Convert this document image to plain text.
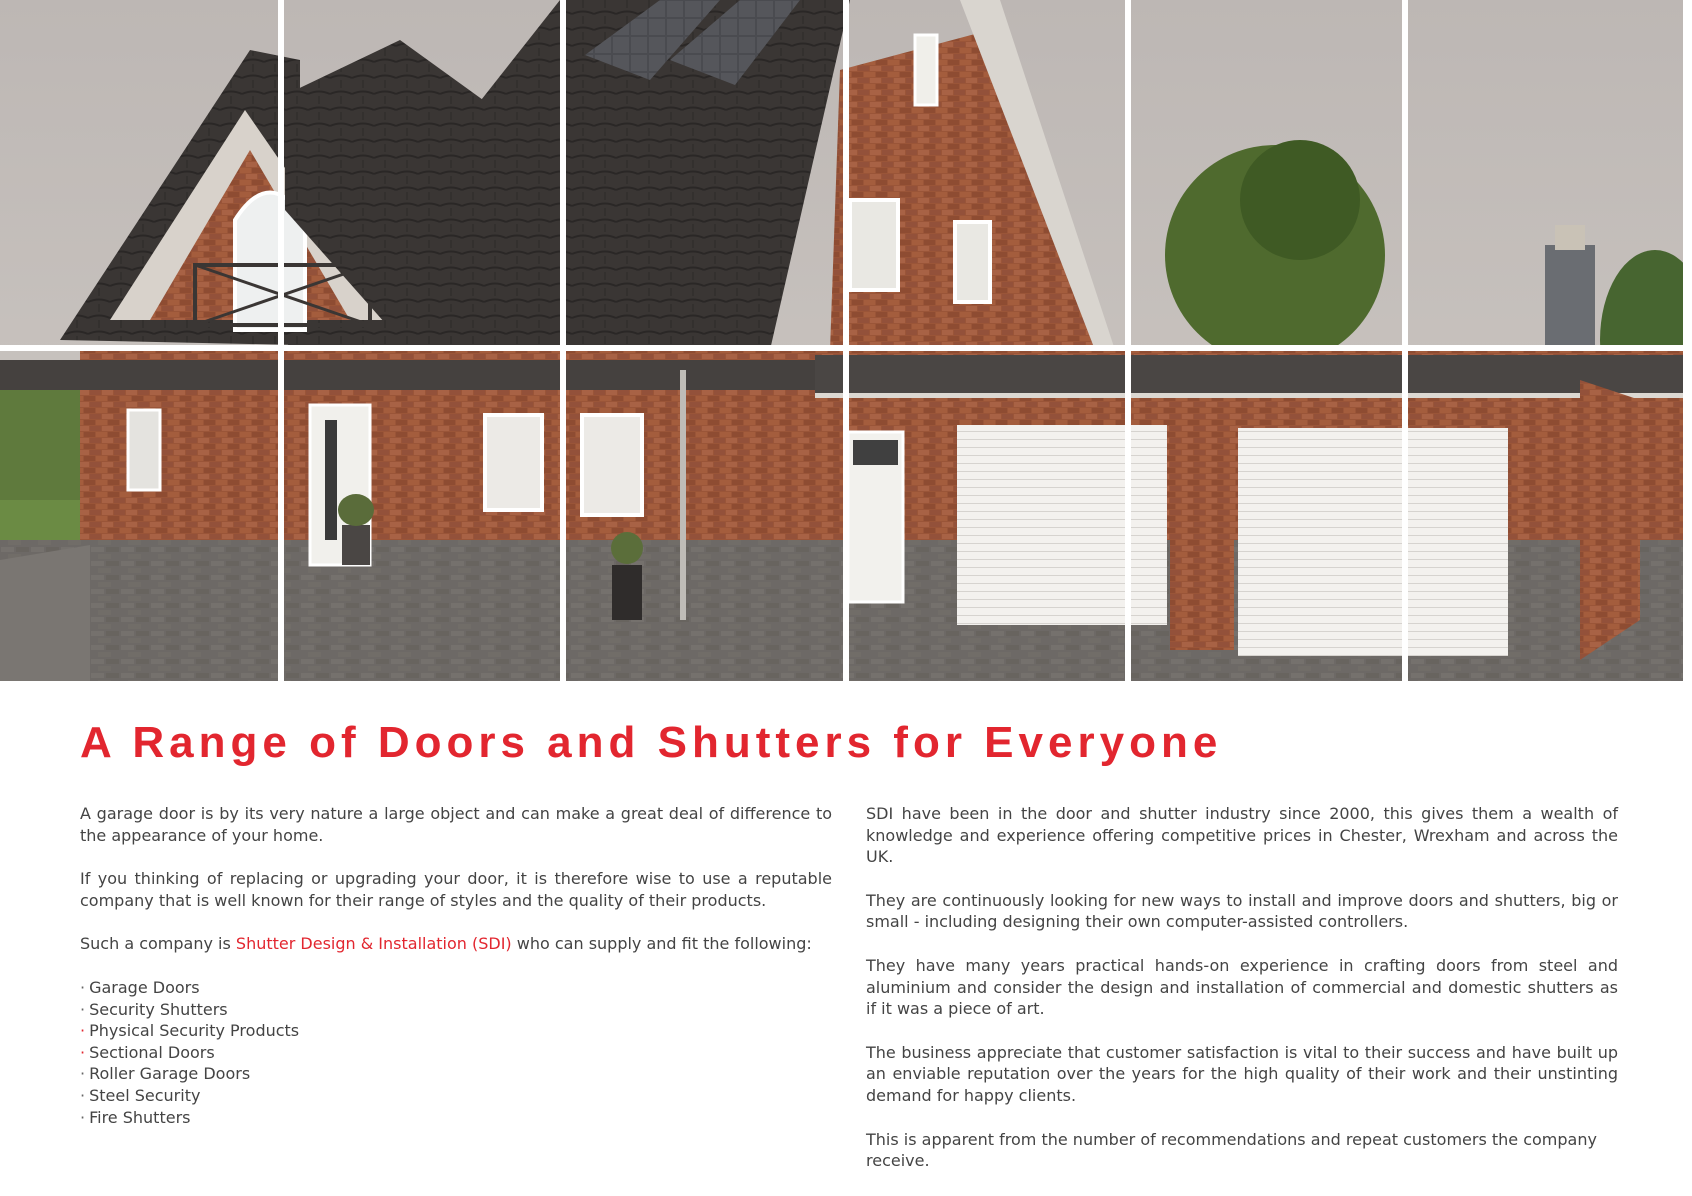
A Range of Doors and Shutters for Everyone

A garage door is by its very nature a large object and can make a great deal of difference to the appearance of your home.

If you thinking of replacing or upgrading your door, it is therefore wise to use a reputable company that is well known for their range of styles and the quality of their products.

Such a company is Shutter Design & Installation (SDI) who can supply and fit the following:

· Garage Doors
· Security Shutters
· Physical Security Products
· Sectional Doors
· Roller Garage Doors
· Steel Security
· Fire Shutters

SDI have been in the door and shutter industry since 2000, this gives them a wealth of knowledge and experience offering competitive prices in Chester, Wrexham and across the UK.

They are continuously looking for new ways to install and improve doors and shutters, big or small - including designing their own computer-assisted controllers.

They have many years practical hands-on experience in crafting doors from steel and aluminium and consider the design and installation of commercial and domestic shutters as if it was a piece of art.

The business appreciate that customer satisfaction is vital to their success and have built up an enviable reputation over the years for the high quality of their work and their unstinting demand for happy clients.

This is apparent from the number of recommendations and repeat customers the company receive.
